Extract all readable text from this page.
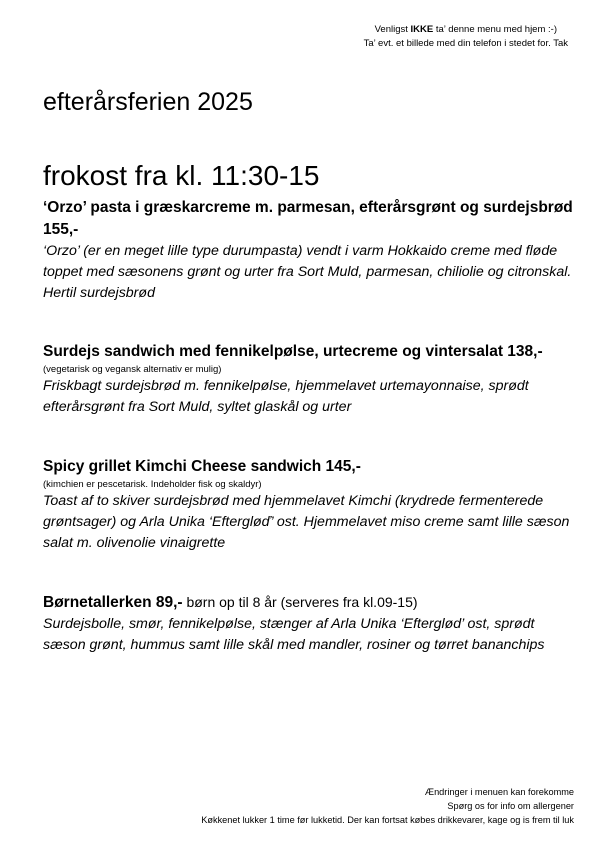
Venligst IKKE ta’ denne menu med hjem :-)
Ta’ evt. et billede med din telefon i stedet for. Tak
efterårsferien 2025
frokost fra kl. 11:30-15
‘Orzo’ pasta i græskarcreme m. parmesan, efterårsgrønt og surdejsbrød 155,-
‘Orzo’ (er en meget lille type durumpasta) vendt i varm Hokkaido creme med fløde toppet med sæsonens grønt og urter fra Sort Muld, parmesan, chiliolie og citronskal. Hertil surdejsbrød
Surdejs sandwich med fennikelpølse, urtecreme og vintersalat 138,-
(vegetarisk og vegansk alternativ er mulig)
Friskbagt surdejsbrød m. fennikelpølse, hjemmelavet urtemayonnaise, sprødt efterårsgrønt fra Sort Muld, syltet glaskål og urter
Spicy grillet Kimchi Cheese sandwich 145,-
(kimchien er pescetarisk. Indeholder fisk og skaldyr)
Toast af to skiver surdejsbrød med hjemmelavet Kimchi (krydrede fermenterede grøntsager) og Arla Unika ‘Eftergløď’ ost. Hjemmelavet miso creme samt lille sæson salat m. olivenolie vinaigrette
Børnetallerken 89,- børn op til 8 år (serveres fra kl.09-15)
Surdejsbolle, smør, fennikelpølse, stænger af Arla Unika ‘Efterglød’ ost, sprødt sæson grønt, hummus samt lille skål med mandler, rosiner og tørret bananchips
Ændringer i menuen kan forekomme
Spørg os for info om allergener
Køkkenet lukker 1 time før lukketid. Der kan fortsat købes drikkevarer, kage og is frem til luk
